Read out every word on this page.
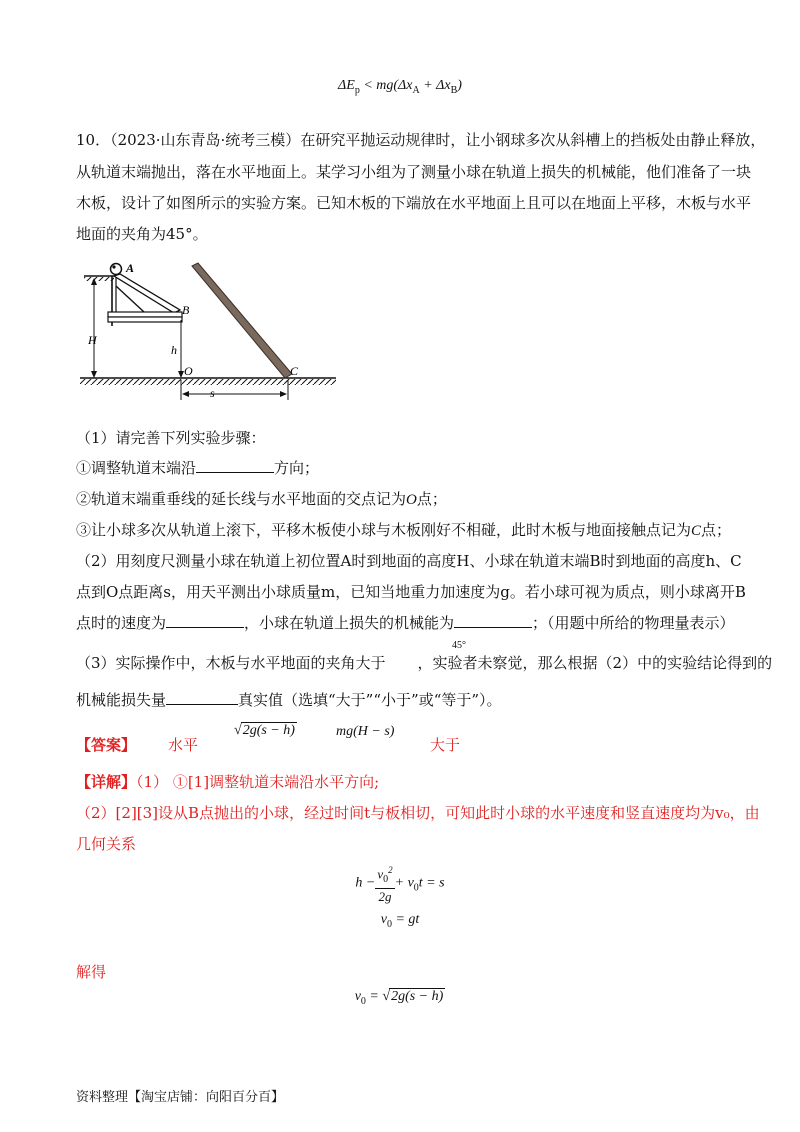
$\Delta E_p < mg(\Delta x_A + \Delta x_B)$
10．（2023·山东青岛·统考三模）在研究平抛运动规律时，让小钢球多次从斜槽上的挡板处由静止释放，
从轨道末端抛出，落在水平地面上。某学习小组为了测量小球在轨道上损失的机械能，他们准备了一块
木板，设计了如图所示的实验方案。已知木板的下端放在水平地面上且可以在地面上平移，木板与水平
地面的夹角为45°。
H
h
A
B
O	C
s
（1）请完善下列实验步骤：
①调整轨道末端沿	方向；
②轨道末端重垂线的延长线与水平地面的交点记为O点；
③让小球多次从轨道上滚下，平移木板使小球与木板刚好不相碰，此时木板与地面接触点记为C点；
（2）用刻度尺测量小球在轨道上初位置A时到地面的高度H、小球在轨道末端B时到地面的高度h、C
点到O点距离s，用天平测出小球质量m，已知当地重力加速度为g。若小球可视为质点，则小球离开B
点时的速度为	，小球在轨道上损失的机械能为	；（用题中所给的物理量表示）
45°
（3）实际操作中，木板与水平地面的夹角大于 ，实验者未察觉，那么根据（2）中的实验结论得到的
机械能损失量	真实值（选填“大于”“小于”或“等于”）。
【答案】 水平
√2g(s − h)	mg(H − s)
大于
【详解】（1） ①[1]调整轨道末端沿水平方向;
（2）[2][3]设从B点抛出的小球，经过时间t与板相切，可知此时小球的水平速度和竖直速度均为v₀，由
几何关系
$h - \frac{v_0^2}{2g} + v_0t = s$
$v_0$ = gt
解得
$v_0 = √2g(s - h)$
资料整理【淘宝店铺：向阳百分百】
